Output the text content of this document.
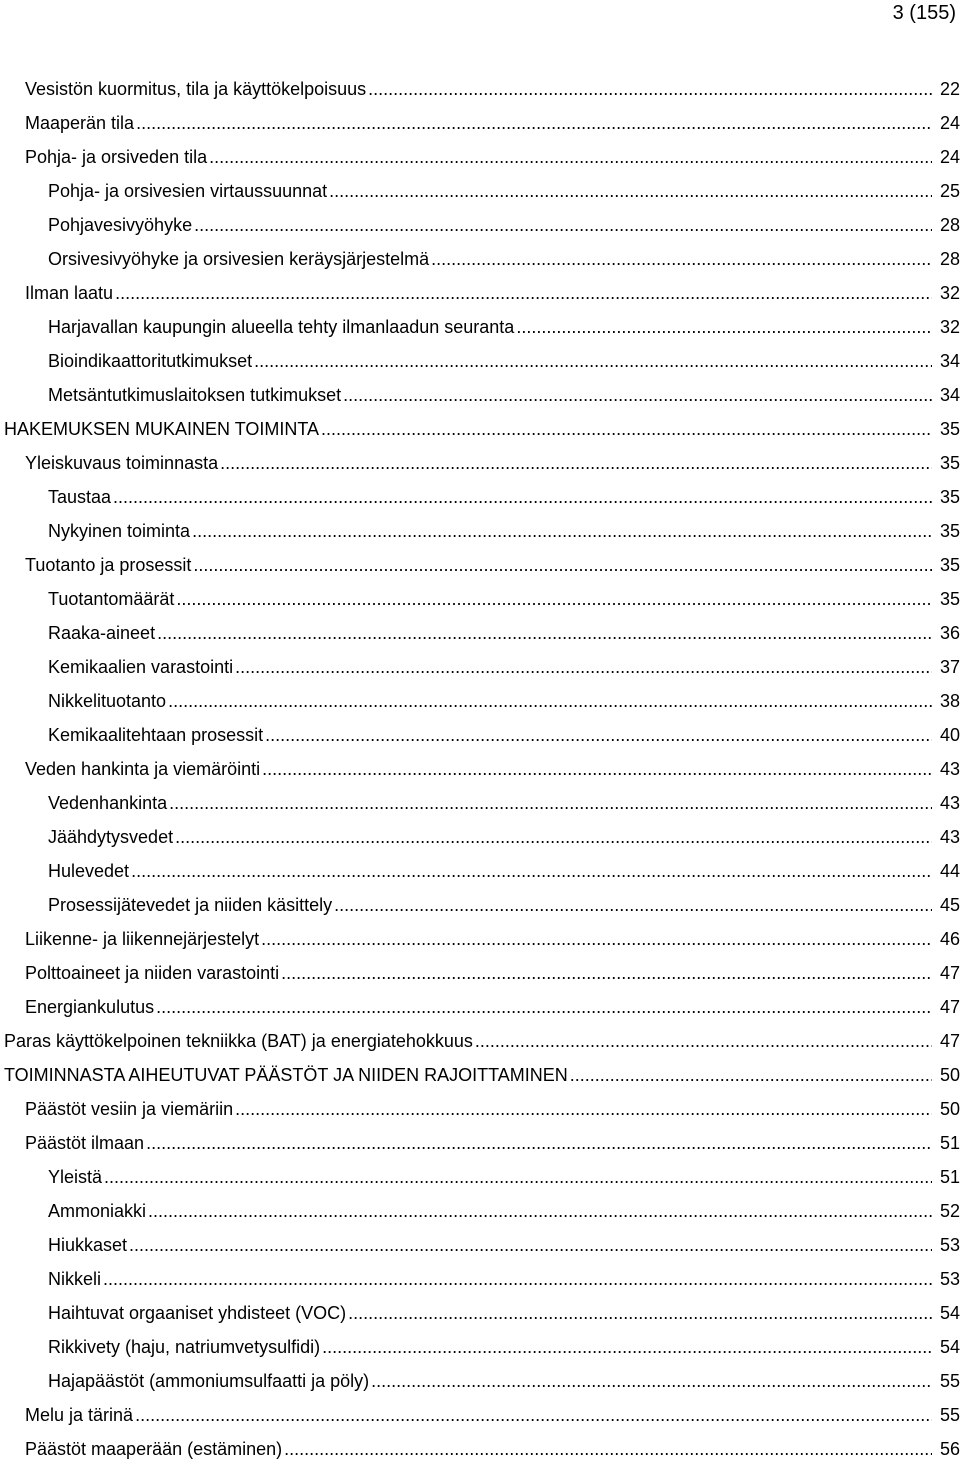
3 (155)
Vesistön kuormitus, tila ja käyttökelpoisuus .....	22
Maaperän tila .....	24
Pohja- ja orsiveden tila .....	24
Pohja- ja orsivesien virtaussuunnat .....	25
Pohjavesivyöhyke .....	28
Orsivesivyöhyke ja orsivesien keräysjärjestelmä .....	28
Ilman laatu .....	32
Harjavallan kaupungin alueella tehty ilmanlaadun seuranta .....	32
Bioindikaattoritutkimukset .....	34
Metsäntutkimuslaitoksen tutkimukset .....	34
HAKEMUKSEN MUKAINEN TOIMINTA .....	35
Yleiskuvaus toiminnasta .....	35
Taustaa .....	35
Nykyinen toiminta .....	35
Tuotanto ja prosessit .....	35
Tuotantomäärät .....	35
Raaka-aineet .....	36
Kemikaalien varastointi .....	37
Nikkelituotanto .....	38
Kemikaalitehtaan prosessit .....	40
Veden hankinta ja viemäröinti .....	43
Vedenhankinta .....	43
Jäähdytysvedet .....	43
Hulevedet .....	44
Prosessijätevedet ja niiden käsittely .....	45
Liikenne- ja liikennejärjestelyt .....	46
Polttoaineet ja niiden varastointi .....	47
Energiankulutus .....	47
Paras käyttökelpoinen tekniikka (BAT) ja energiatehokkuus .....	47
TOIMINNASTA AIHEUTUVAT PÄÄSTÖT JA NIIDEN RAJOITTAMINEN .....	50
Päästöt vesiin ja viemäriin .....	50
Päästöt ilmaan .....	51
Yleistä .....	51
Ammoniakki .....	52
Hiukkaset .....	53
Nikkeli .....	53
Haihtuvat orgaaniset yhdisteet (VOC) .....	54
Rikkivety (haju, natriumvetysulfidi) .....	54
Hajapäästöt (ammoniumsulfaatti ja pöly) .....	55
Melu ja tärinä .....	55
Päästöt maaperään (estäminen) .....	56
